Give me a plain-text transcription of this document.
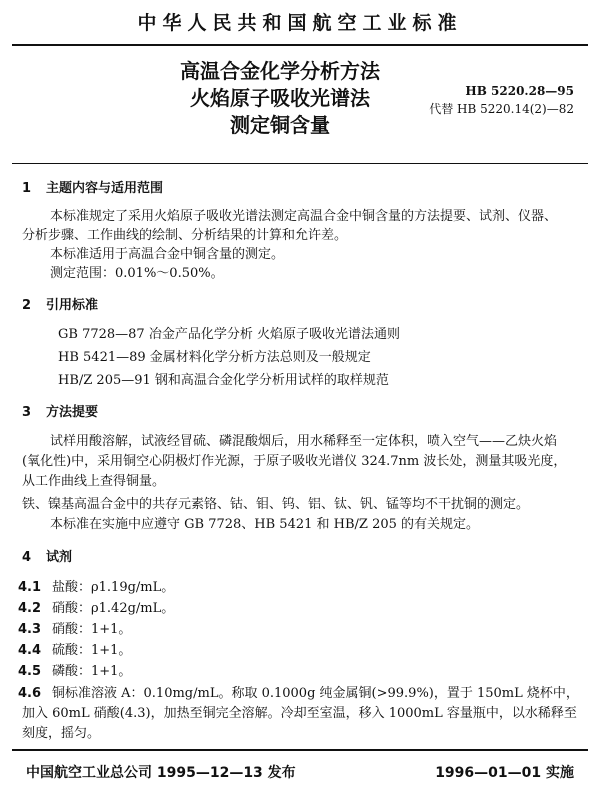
中华人民共和国航空工业标准
高温合金化学分析方法
火焰原子吸收光谱法
测定铜含量
HB 5220.28—95
代替 HB 5220.14(2)—82
1 主题内容与适用范围
本标准规定了采用火焰原子吸收光谱法测定高温合金中铜含量的方法提要、试剂、仪器、
分析步骤、工作曲线的绘制、分析结果的计算和允许差。
本标准适用于高温合金中铜含量的测定。
测定范围：0.01%～0.50%。
2 引用标准
GB 7728—87 冶金产品化学分析 火焰原子吸收光谱法通则
HB 5421—89 金属材料化学分析方法总则及一般规定
HB/Z 205—91 钢和高温合金化学分析用试样的取样规范
3 方法提要
试样用酸溶解，试液经冒硫、磷混酸烟后，用水稀释至一定体积，喷入空气——乙炔火焰
(氧化性)中，采用铜空心阴极灯作光源，于原子吸收光谱仪 324.7nm 波长处，测量其吸光度，
从工作曲线上查得铜量。
铁、镍基高温合金中的共存元素铬、钴、钼、钨、铝、钛、钒、锰等均不干扰铜的测定。
本标准在实施中应遵守 GB 7728、HB 5421 和 HB/Z 205 的有关规定。
4 试剂
4.1 盐酸：ρ1.19g/mL。
4.2 硝酸：ρ1.42g/mL。
4.3 硝酸：1+1。
4.4 硫酸：1+1。
4.5 磷酸：1+1。
4.6 铜标准溶液 A：0.10mg/mL。称取 0.1000g 纯金属铜(>99.9%)，置于 150mL 烧杯中，
加入 60mL 硝酸(4.3)，加热至铜完全溶解。冷却至室温，移入 1000mL 容量瓶中，以水稀释至
刻度，摇匀。
中国航空工业总公司 1995—12—13 发布	1996—01—01 实施
